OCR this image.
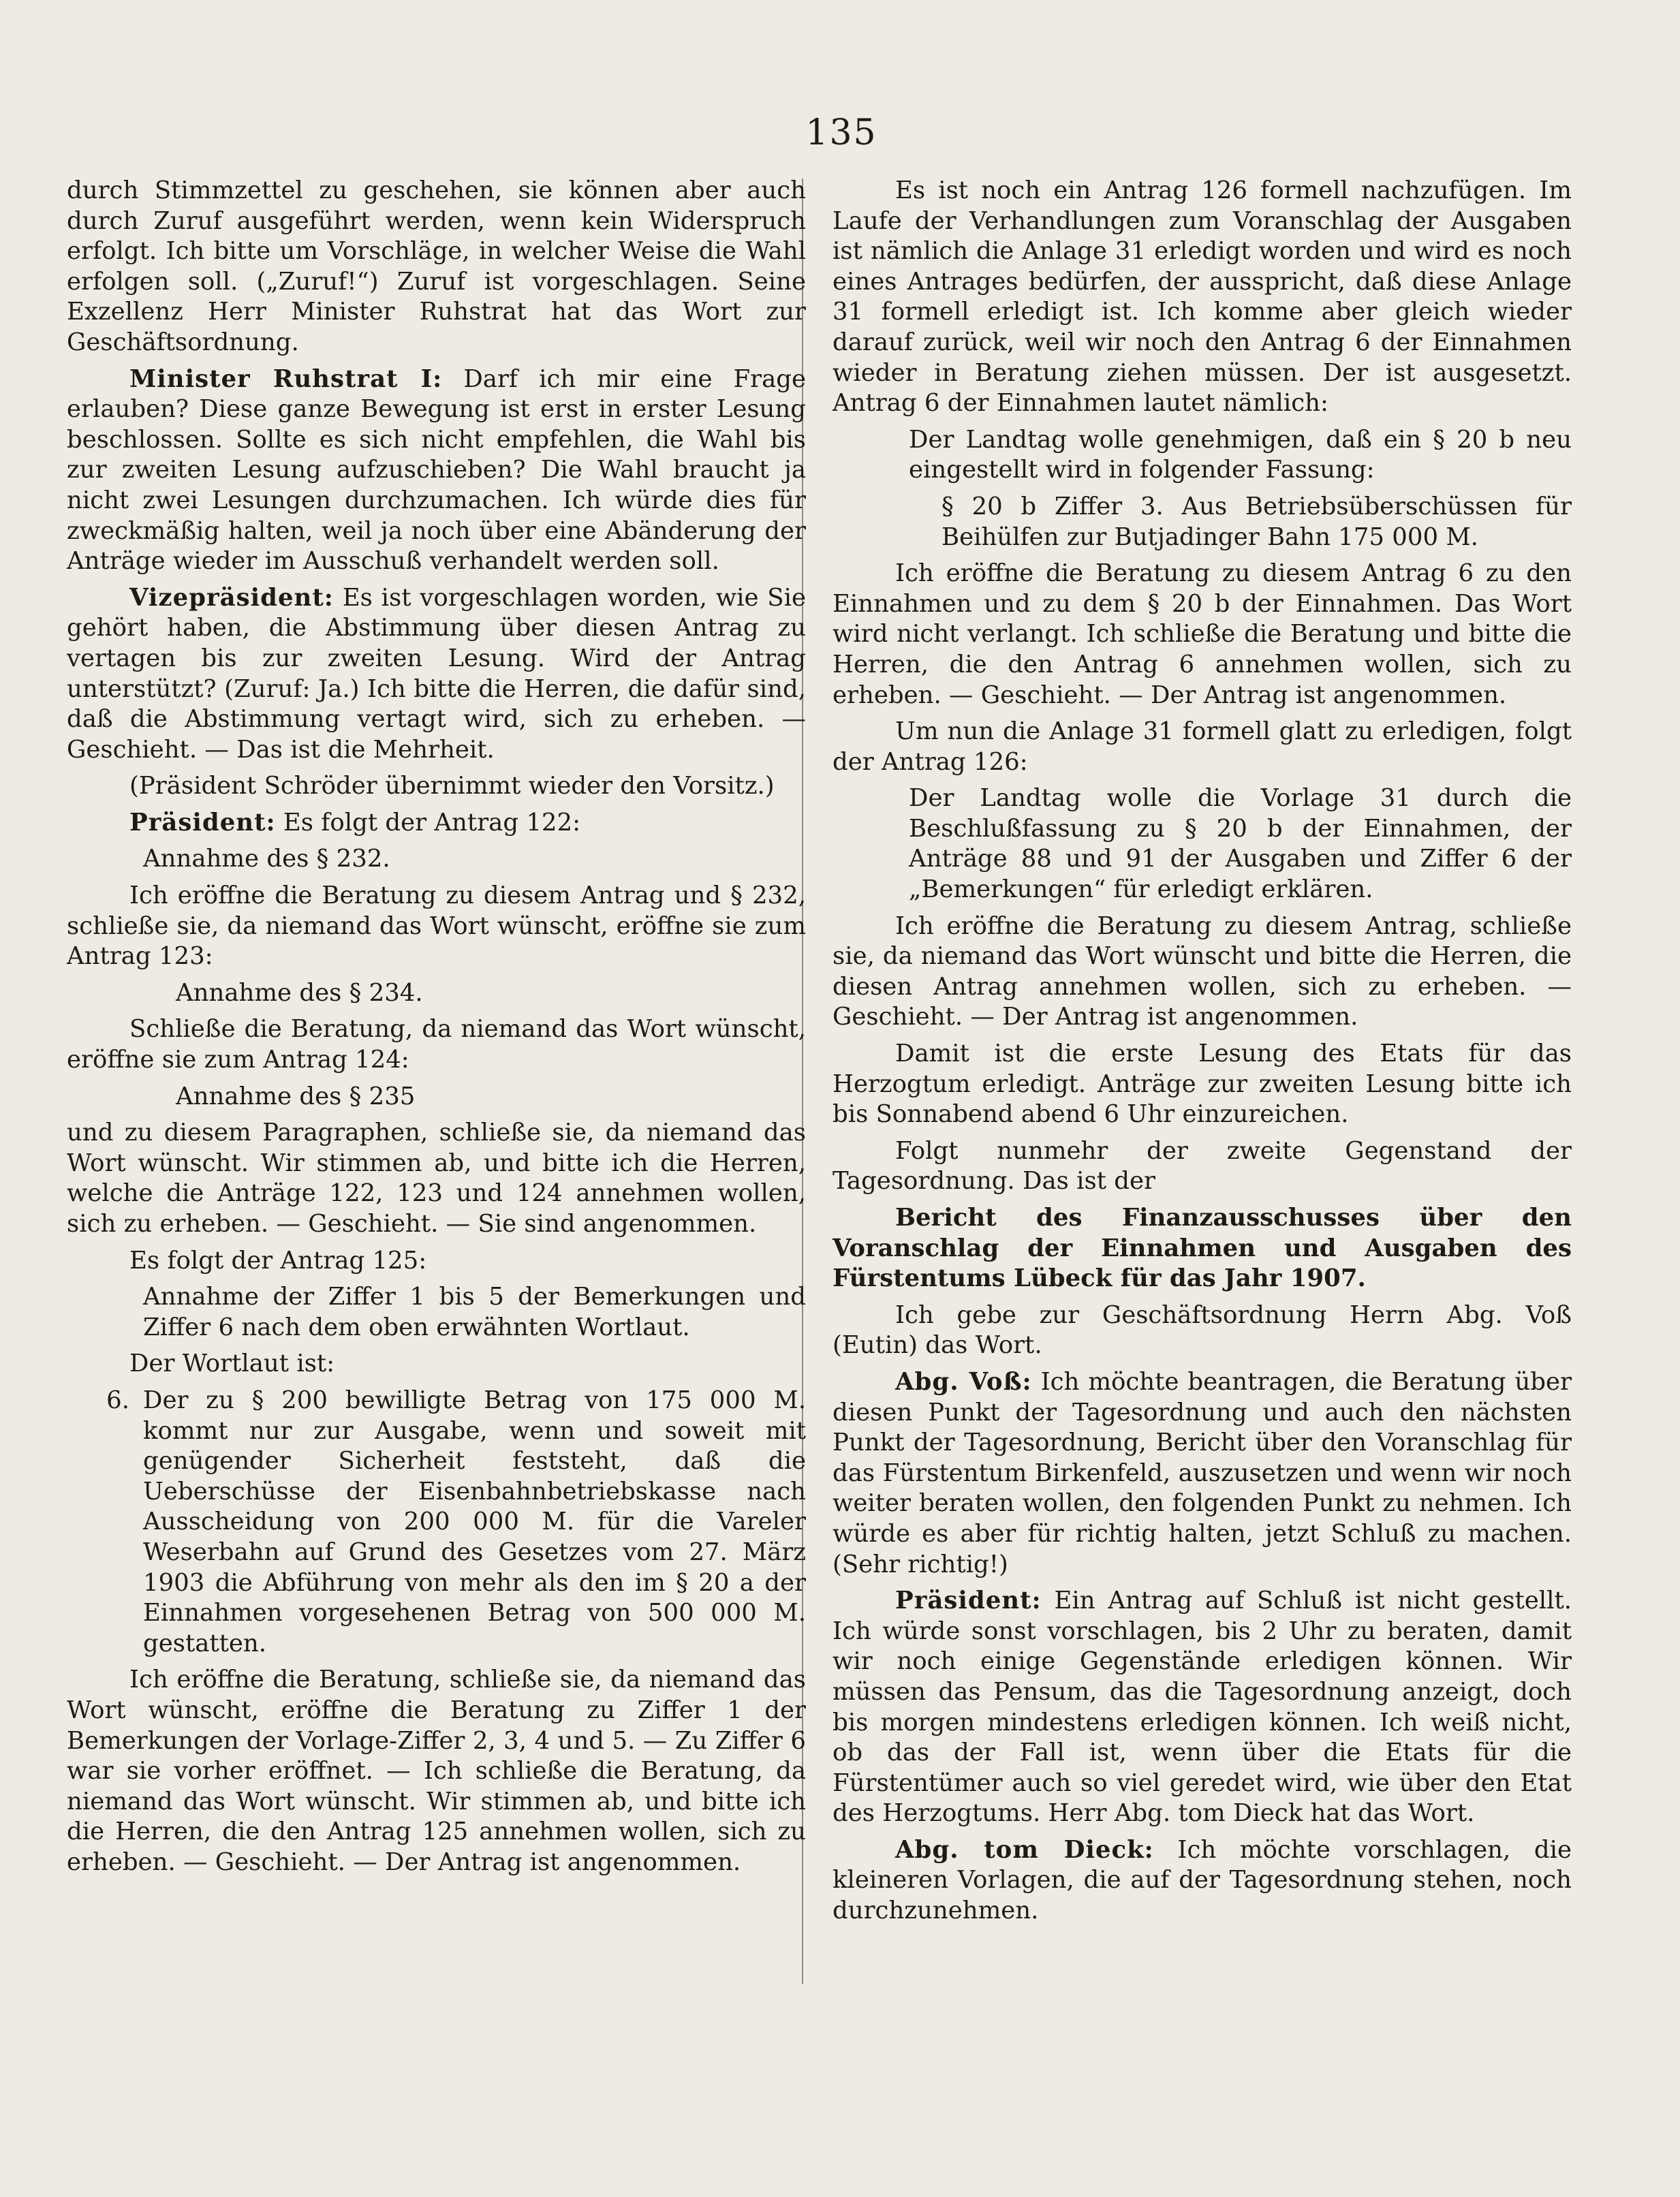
135

durch Stimmzettel zu geschehen, sie können aber auch durch Zuruf ausgeführt werden, wenn kein Widerspruch erfolgt. Ich bitte um Vorschläge, in welcher Weise die Wahl erfolgen soll. („Zuruf!“) Zuruf ist vorgeschlagen. Seine Exzellenz Herr Minister Ruhstrat hat das Wort zur Geschäftsordnung.

Minister Ruhstrat I: Darf ich mir eine Frage erlauben? Diese ganze Bewegung ist erst in erster Lesung beschlossen. Sollte es sich nicht empfehlen, die Wahl bis zur zweiten Lesung aufzuschieben? Die Wahl braucht ja nicht zwei Lesungen durchzumachen. Ich würde dies für zweckmäßig halten, weil ja noch über eine Abänderung der Anträge wieder im Ausschuß verhandelt werden soll.

Vizepräsident: Es ist vorgeschlagen worden, wie Sie gehört haben, die Abstimmung über diesen Antrag zu vertagen bis zur zweiten Lesung. Wird der Antrag unterstützt? (Zuruf: Ja.) Ich bitte die Herren, die dafür sind, daß die Abstimmung vertagt wird, sich zu erheben. — Geschieht. — Das ist die Mehrheit.

(Präsident Schröder übernimmt wieder den Vorsitz.)

Präsident: Es folgt der Antrag 122:

Annahme des § 232.

Ich eröffne die Beratung zu diesem Antrag und § 232, schließe sie, da niemand das Wort wünscht, eröffne sie zum Antrag 123:

Annahme des § 234.

Schließe die Beratung, da niemand das Wort wünscht, eröffne sie zum Antrag 124:

Annahme des § 235

und zu diesem Paragraphen, schließe sie, da niemand das Wort wünscht. Wir stimmen ab, und bitte ich die Herren, welche die Anträge 122, 123 und 124 annehmen wollen, sich zu erheben. — Geschieht. — Sie sind angenommen.

Es folgt der Antrag 125:

Annahme der Ziffer 1 bis 5 der Bemerkungen und Ziffer 6 nach dem oben erwähnten Wortlaut.

Der Wortlaut ist:

6. Der zu § 200 bewilligte Betrag von 175 000 M. kommt nur zur Ausgabe, wenn und soweit mit genügender Sicherheit feststeht, daß die Ueberschüsse der Eisenbahnbetriebskasse nach Ausscheidung von 200 000 M. für die Vareler Weserbahn auf Grund des Gesetzes vom 27. März 1903 die Abführung von mehr als den im § 20 a der Einnahmen vorgesehenen Betrag von 500 000 M. gestatten.

Ich eröffne die Beratung, schließe sie, da niemand das Wort wünscht, eröffne die Beratung zu Ziffer 1 der Bemerkungen der Vorlage-Ziffer 2, 3, 4 und 5. — Zu Ziffer 6 war sie vorher eröffnet. — Ich schließe die Beratung, da niemand das Wort wünscht. Wir stimmen ab, und bitte ich die Herren, die den Antrag 125 annehmen wollen, sich zu erheben. — Geschieht. — Der Antrag ist angenommen.

Es ist noch ein Antrag 126 formell nachzufügen. Im Laufe der Verhandlungen zum Voranschlag der Ausgaben ist nämlich die Anlage 31 erledigt worden und wird es noch eines Antrages bedürfen, der ausspricht, daß diese Anlage 31 formell erledigt ist. Ich komme aber gleich wieder darauf zurück, weil wir noch den Antrag 6 der Einnahmen wieder in Beratung ziehen müssen. Der ist ausgesetzt. Antrag 6 der Einnahmen lautet nämlich:

Der Landtag wolle genehmigen, daß ein § 20 b neu eingestellt wird in folgender Fassung:

§ 20 b Ziffer 3. Aus Betriebsüberschüssen für Beihülfen zur Butjadinger Bahn 175 000 M.

Ich eröffne die Beratung zu diesem Antrag 6 zu den Einnahmen und zu dem § 20 b der Einnahmen. Das Wort wird nicht verlangt. Ich schließe die Beratung und bitte die Herren, die den Antrag 6 annehmen wollen, sich zu erheben. — Geschieht. — Der Antrag ist angenommen.

Um nun die Anlage 31 formell glatt zu erledigen, folgt der Antrag 126:

Der Landtag wolle die Vorlage 31 durch die Beschlußfassung zu § 20 b der Einnahmen, der Anträge 88 und 91 der Ausgaben und Ziffer 6 der „Bemerkungen“ für erledigt erklären.

Ich eröffne die Beratung zu diesem Antrag, schließe sie, da niemand das Wort wünscht und bitte die Herren, die diesen Antrag annehmen wollen, sich zu erheben. — Geschieht. — Der Antrag ist angenommen.

Damit ist die erste Lesung des Etats für das Herzogtum erledigt. Anträge zur zweiten Lesung bitte ich bis Sonnabend abend 6 Uhr einzureichen.

Folgt nunmehr der zweite Gegenstand der Tagesordnung. Das ist der

Bericht des Finanzausschusses über den Voranschlag der Einnahmen und Ausgaben des Fürstentums Lübeck für das Jahr 1907.

Ich gebe zur Geschäftsordnung Herrn Abg. Voß (Eutin) das Wort.

Abg. Voß: Ich möchte beantragen, die Beratung über diesen Punkt der Tagesordnung und auch den nächsten Punkt der Tagesordnung, Bericht über den Voranschlag für das Fürstentum Birkenfeld, auszusetzen und wenn wir noch weiter beraten wollen, den folgenden Punkt zu nehmen. Ich würde es aber für richtig halten, jetzt Schluß zu machen. (Sehr richtig!)

Präsident: Ein Antrag auf Schluß ist nicht gestellt. Ich würde sonst vorschlagen, bis 2 Uhr zu beraten, damit wir noch einige Gegenstände erledigen können. Wir müssen das Pensum, das die Tagesordnung anzeigt, doch bis morgen mindestens erledigen können. Ich weiß nicht, ob das der Fall ist, wenn über die Etats für die Fürstentümer auch so viel geredet wird, wie über den Etat des Herzogtums. Herr Abg. tom Dieck hat das Wort.

Abg. tom Dieck: Ich möchte vorschlagen, die kleineren Vorlagen, die auf der Tagesordnung stehen, noch durchzunehmen.
